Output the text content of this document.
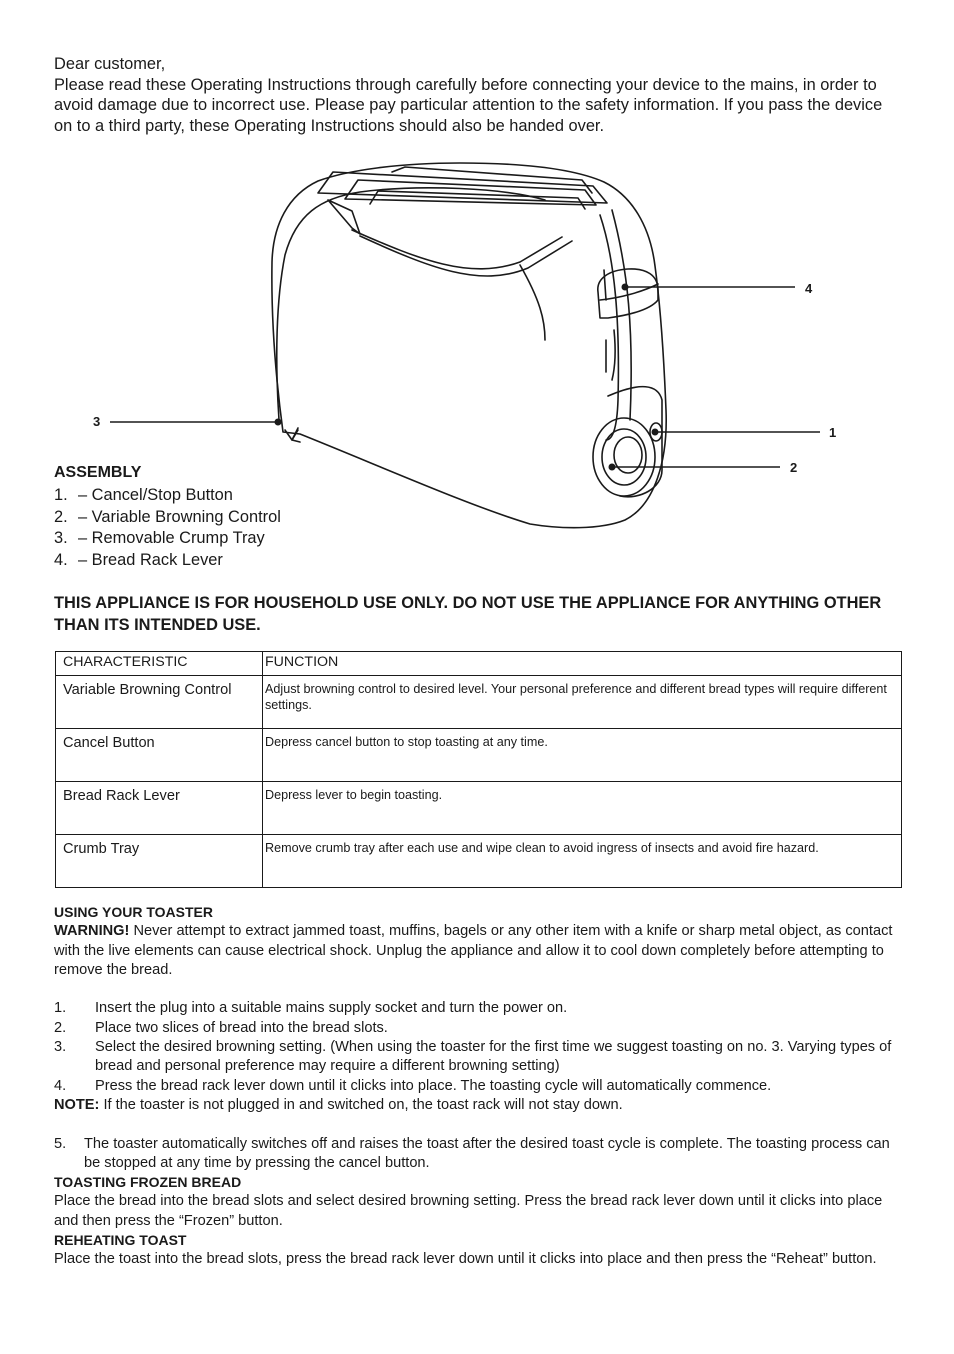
Dear customer,

Please read these Operating Instructions through carefully before connecting your device to the mains, in order to avoid damage due to incorrect use. Please pay particular attention to the safety information. If you pass the device on to a third party, these Operating Instructions should also be handed over.

4
1
2
3
ASSEMBLY
1. – Cancel/Stop Button
2. – Variable Browning Control
3. – Removable Crump Tray
4. – Bread Rack Lever
THIS APPLIANCE IS FOR HOUSEHOLD USE ONLY. DO NOT USE THE APPLIANCE FOR ANYTHING OTHER THAN ITS INTENDED USE.
CHARACTERISTIC	FUNCTION
Variable Browning Control	Adjust browning control to desired level. Your personal preference and different bread types will require different settings.
Cancel Button	Depress cancel button to stop toasting at any time.
Bread Rack Lever	Depress lever to begin toasting.
Crumb Tray	Remove crumb tray after each use and wipe clean to avoid ingress of insects and avoid fire hazard.
USING YOUR TOASTER

WARNING! Never attempt to extract jammed toast, muffins, bagels or any other item with a knife or sharp metal object, as contact with the live elements can cause electrical shock. Unplug the appliance and allow it to cool down completely before attempting to remove the bread.

1.	Insert the plug into a suitable mains supply socket and turn the power on.
2.	Place two slices of bread into the bread slots.
3.	Select the desired browning setting. (When using the toaster for the first time we suggest toasting on no. 3. Varying types of bread and personal preference may require a different browning setting)
4.	Press the bread rack lever down until it clicks into place. The toasting cycle will automatically commence.

NOTE: If the toaster is not plugged in and switched on, the toast rack will not stay down.

5.	The toaster automatically switches off and raises the toast after the desired toast cycle is complete. The toasting process can be stopped at any time by pressing the cancel button.
TOASTING FROZEN BREAD

Place the bread into the bread slots and select desired browning setting. Press the bread rack lever down until it clicks into place and then press the “Frozen” button.

REHEATING TOAST

Place the toast into the bread slots, press the bread rack lever down until it clicks into place and then press the “Reheat” button.
